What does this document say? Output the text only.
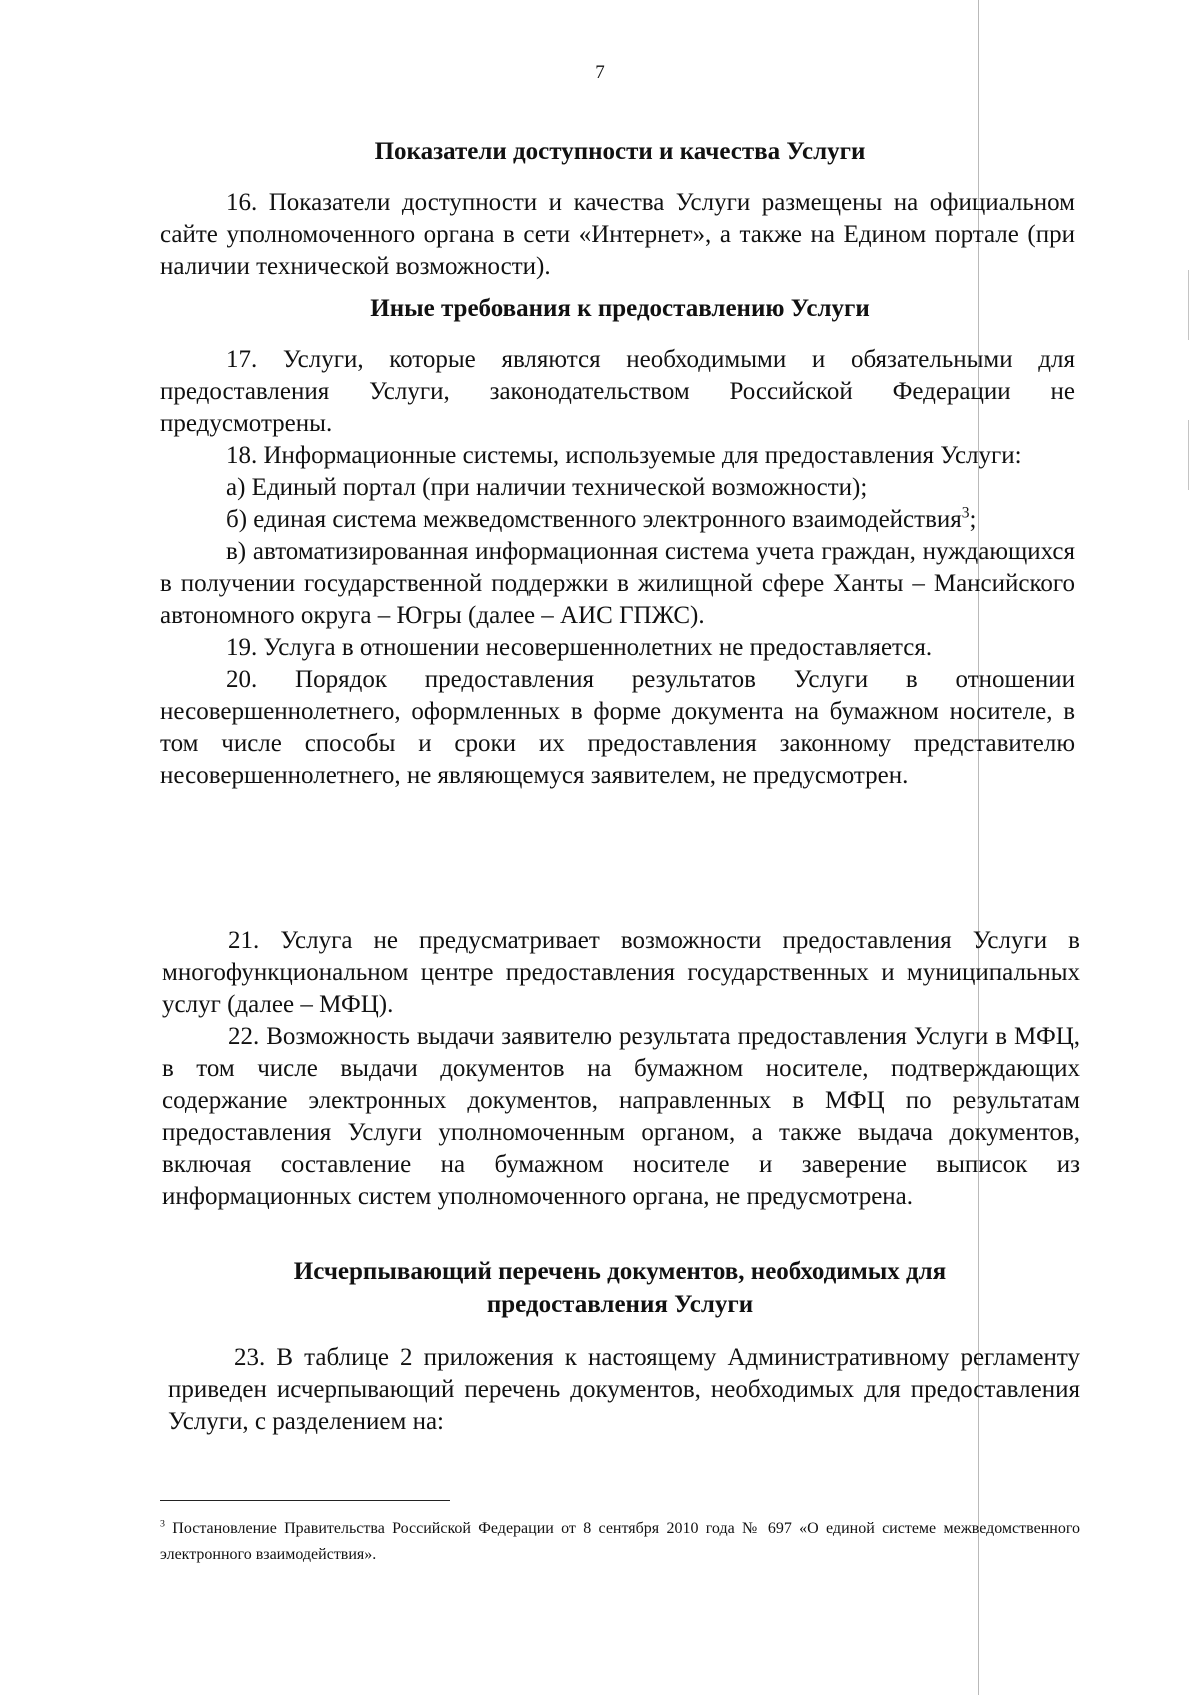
7
Показатели доступности и качества Услуги

16. Показатели доступности и качества Услуги размещены на официальном сайте уполномоченного органа в сети «Интернет», а также на Едином портале (при наличии технической возможности).

Иные требования к предоставлению Услуги

17. Услуги, которые являются необходимыми и обязательными для предоставления Услуги, законодательством Российской Федерации не предусмотрены.

18. Информационные системы, используемые для предоставления Услуги:

а) Единый портал (при наличии технической возможности);

б) единая система межведомственного электронного взаимодействия$^3$;

в) автоматизированная информационная система учета граждан, нуждающихся в получении государственной поддержки в жилищной сфере Ханты – Мансийского автономного округа – Югры (далее – АИС ГПЖС).

19. Услуга в отношении несовершеннолетних не предоставляется.

20. Порядок предоставления результатов Услуги в отношении несовершеннолетнего, оформленных в форме документа на бумажном носителе, в том числе способы и сроки их предоставления законному представителю несовершеннолетнего, не являющемуся заявителем, не предусмотрен.

21. Услуга не предусматривает возможности предоставления Услуги в многофункциональном центре предоставления государственных и муниципальных услуг (далее – МФЦ).

22. Возможность выдачи заявителю результата предоставления Услуги в МФЦ, в том числе выдачи документов на бумажном носителе, подтверждающих содержание электронных документов, направленных в МФЦ по результатам предоставления Услуги уполномоченным органом, а также выдача документов, включая составление на бумажном носителе и заверение выписок из информационных систем уполномоченного органа, не предусмотрена.

Исчерпывающий перечень документов, необходимых для
предоставления Услуги

23. В таблице 2 приложения к настоящему Административному регламенту приведен исчерпывающий перечень документов, необходимых для предоставления Услуги, с разделением на:

$^3$ Постановление Правительства Российской Федерации от 8 сентября 2010 года № 697 «О единой системе межведомственного электронного взаимодействия».
